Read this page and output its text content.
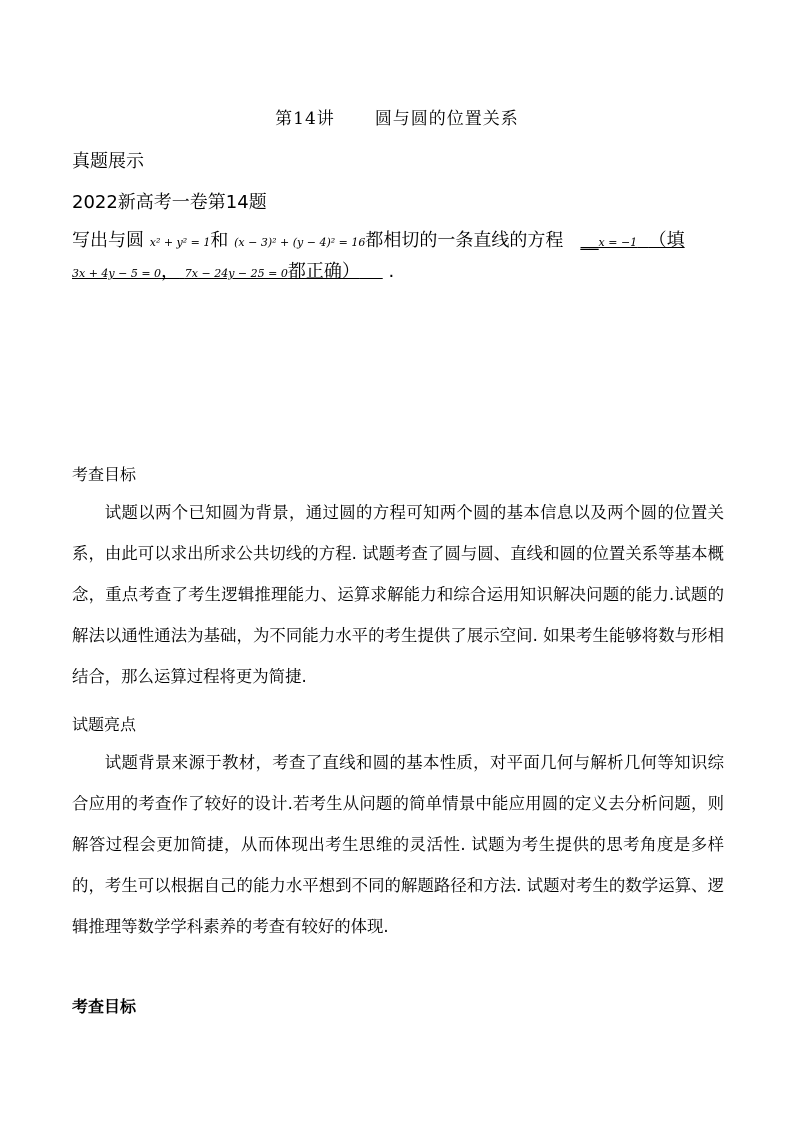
第14讲 圆与圆的位置关系
真题展示
2022新高考一卷第14题
写出与圆 x² + y² = 1和 (x − 3)² + (y − 4)² = 16都相切的一条直线的方程 __x = −1 （填
3x + 4y − 5 = 0， 7x − 24y − 25 = 0都正确） .
考查目标
试题以两个已知圆为背景，通过圆的方程可知两个圆的基本信息以及两个圆的位置关系，由此可以求出所求公共切线的方程. 试题考查了圆与圆、直线和圆的位置关系等基本概念，重点考查了考生逻辑推理能力、运算求解能力和综合运用知识解决问题的能力.试题的解法以通性通法为基础，为不同能力水平的考生提供了展示空间. 如果考生能够将数与形相结合，那么运算过程将更为简捷.
试题亮点
试题背景来源于教材，考查了直线和圆的基本性质，对平面几何与解析几何等知识综合应用的考查作了较好的设计.若考生从问题的简单情景中能应用圆的定义去分析问题，则解答过程会更加简捷，从而体现出考生思维的灵活性. 试题为考生提供的思考角度是多样的，考生可以根据自己的能力水平想到不同的解题路径和方法. 试题对考生的数学运算、逻辑推理等数学学科素养的考查有较好的体现.
考查目标
